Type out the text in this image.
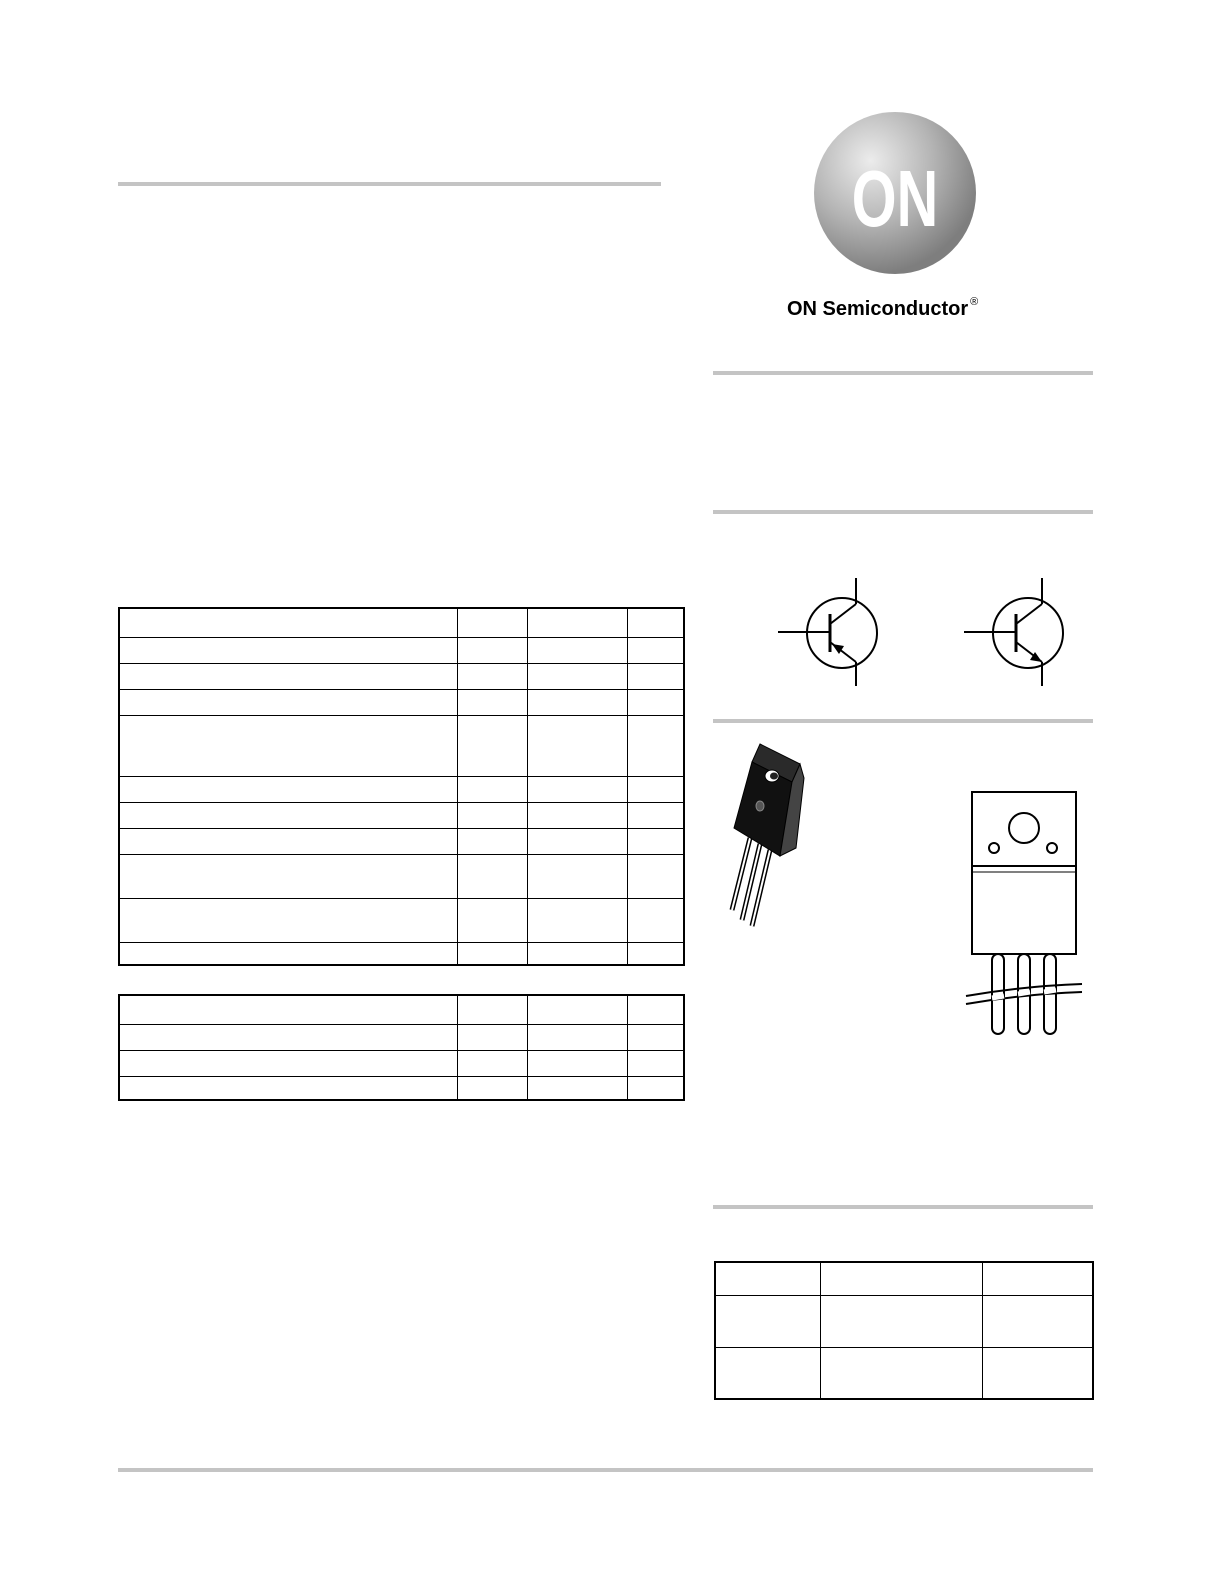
ON
ON Semiconductor ®
